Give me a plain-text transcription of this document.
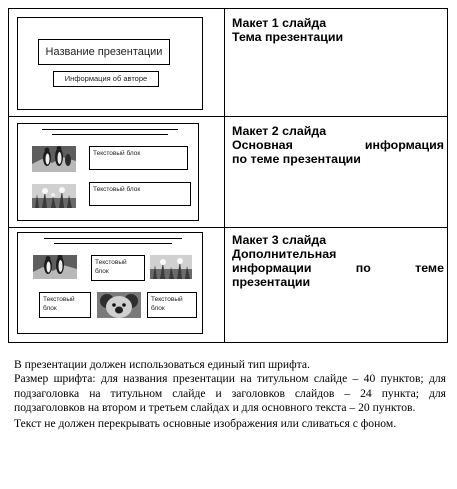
Название презентации
Информация об авторе
Макет 1 слайда
Тема презентации
Текстовый блок
Текстовый блок
Макет 2 слайда
Основная	информация
по теме презентации
Текстовый
блок
Текстовый
блок
Текстовый
блок
Макет 3 слайда
Дополнительная
информации	по	теме
презентации

В презентации должен использоваться единый тип шрифта.

Размер шрифта: для названия презентации на титульном слайде – 40 пунктов; для подзаголовка на титульном слайде и заголовков слайдов – 24 пункта; для подзаголовков на втором и третьем слайдах и для основного текста – 20 пунктов.

Текст не должен перекрывать основные изображения или сливаться с фоном.
